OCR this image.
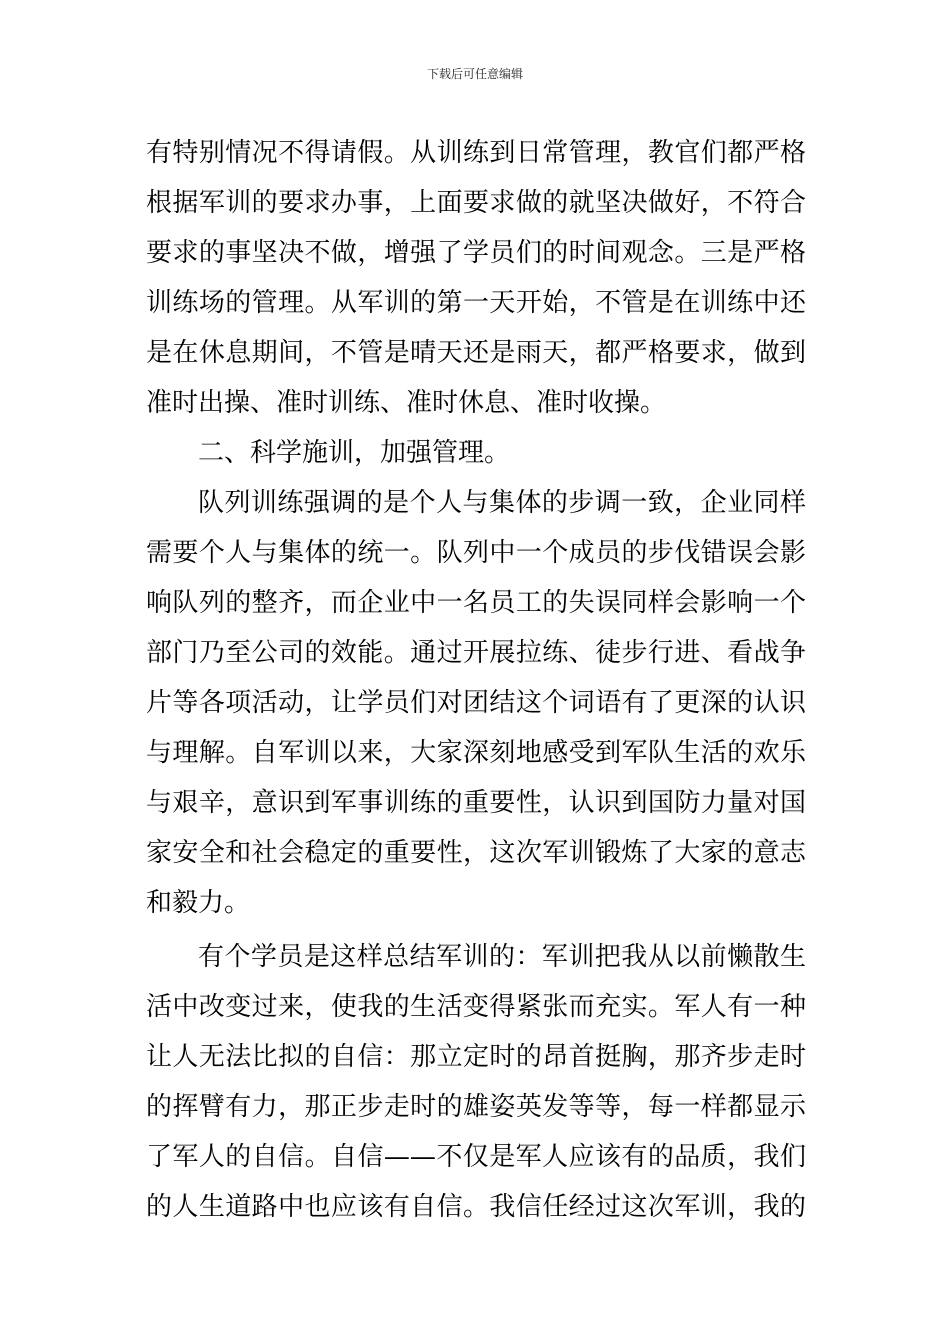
下载后可任意编辑
有特别情况不得请假。从训练到日常管理，教官们都严格
根据军训的要求办事，上面要求做的就坚决做好，不符合
要求的事坚决不做，增强了学员们的时间观念。三是严格
训练场的管理。从军训的第一天开始，不管是在训练中还
是在休息期间，不管是晴天还是雨天，都严格要求，做到
准时出操、准时训练、准时休息、准时收操。
二、科学施训，加强管理。
队列训练强调的是个人与集体的步调一致，企业同样
需要个人与集体的统一。队列中一个成员的步伐错误会影
响队列的整齐，而企业中一名员工的失误同样会影响一个
部门乃至公司的效能。通过开展拉练、徒步行进、看战争
片等各项活动，让学员们对团结这个词语有了更深的认识
与理解。自军训以来，大家深刻地感受到军队生活的欢乐
与艰辛，意识到军事训练的重要性，认识到国防力量对国
家安全和社会稳定的重要性，这次军训锻炼了大家的意志
和毅力。
有个学员是这样总结军训的：军训把我从以前懒散生
活中改变过来，使我的生活变得紧张而充实。军人有一种
让人无法比拟的自信：那立定时的昂首挺胸，那齐步走时
的挥臂有力，那正步走时的雄姿英发等等，每一样都显示
了军人的自信。自信——不仅是军人应该有的品质，我们
的人生道路中也应该有自信。我信任经过这次军训，我的
